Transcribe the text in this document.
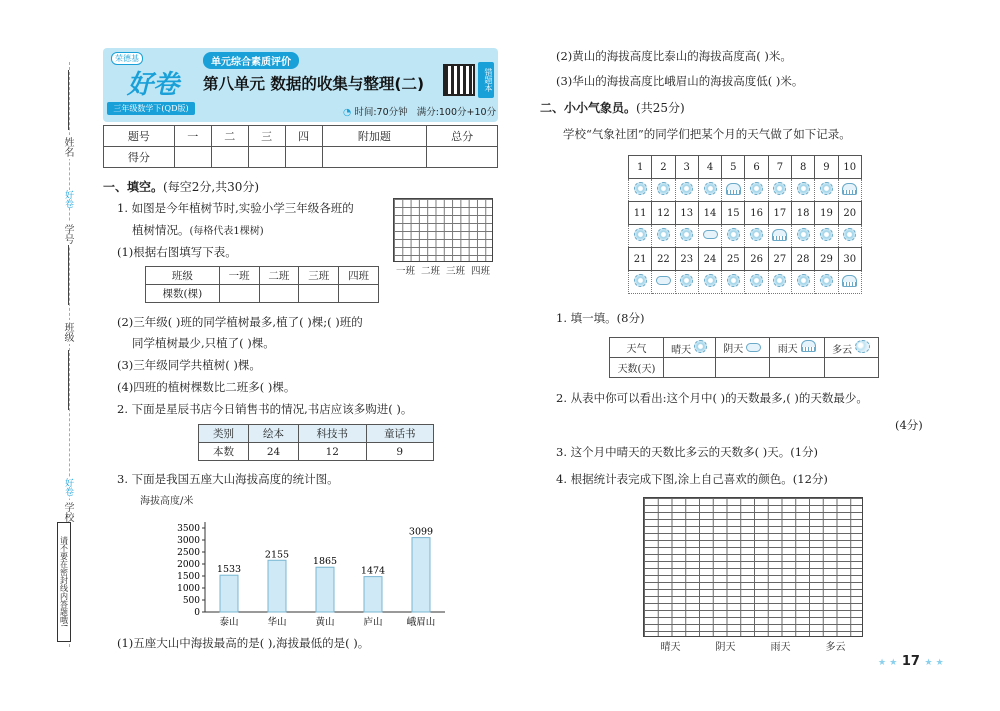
姓名
好卷
学号
班级
学校
好卷
请不要在密封线内答题哦!
荣德基
好卷
三年级数学下(QD版)
单元综合素质评价
第八单元 数据的收集与整理(二)	错题本
◔ 时间:70分钟 满分:100分+10分
题号	一	二	三	四	附加题	总分
得分						
一、填空。(每空2分,共30分)
1. 如图是今年植树节时,实验小学三年级各班的
植树情况。(每格代表1棵树)
(1)根据右图填写下表。
一班 二班 三班 四班
班级	一班	二班	三班	四班
棵数(棵)				
(2)三年级( )班的同学植树最多,植了( )棵;( )班的
同学植树最少,只植了( )棵。
(3)三年级同学共植树( )棵。
(4)四班的植树棵数比二班多( )棵。
2. 下面是星辰书店今日销售书的情况,书店应该多购进( )。
类别	绘本	科技书	童话书
本数	24	12	9
3. 下面是我国五座大山海拔高度的统计图。
海拔高度/米
0
500
1000
1500
2000
2500
3000
3500
1533
泰山
2155
华山
1865
黄山
1474
庐山
3099
峨眉山
(1)五座大山中海拔最高的是( ),海拔最低的是( )。
(2)黄山的海拔高度比泰山的海拔高度高( )米。
(3)华山的海拔高度比峨眉山的海拔高度低( )米。
二、小小气象员。(共25分)
学校“气象社团”的同学们把某个月的天气做了如下记录。
1	2	3	4	5	6	7	8	9	10

11	12	13	14	15	16	17	18	19	20

21	22	23	24	25	26	27	28	29	30

1. 填一填。(8分)
天气	晴天	阴天	雨天	多云
天数(天)				
2. 从表中你可以看出:这个月中( )的天数最多,( )的天数最少。
(4分)
3. 这个月中晴天的天数比多云的天数多( )天。(1分)
4. 根据统计表完成下图,涂上自己喜欢的颜色。(12分)
晴天	阴天	雨天	多云
★ ★ 17 ★ ★
